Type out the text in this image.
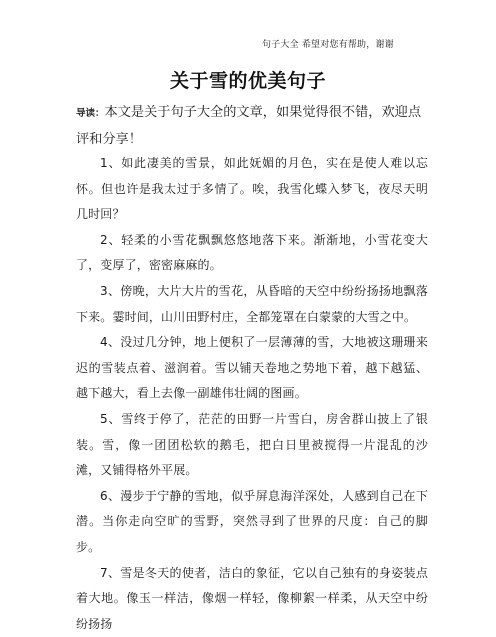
句子大全 希望对您有帮助，谢谢
关于雪的优美句子
导读：本文是关于句子大全的文章，如果觉得很不错，欢迎点评和分享！

1、如此凄美的雪景，如此妩媚的月色，实在是使人难以忘怀。但也许是我太过于多情了。唉，我雪化蝶入梦飞，夜尽天明几时回？

2、轻柔的小雪花飘飘悠悠地落下来。渐渐地，小雪花变大了，变厚了，密密麻麻的。

3、傍晚，大片大片的雪花，从昏暗的天空中纷纷扬扬地飘落下来。霎时间，山川田野村庄，全都笼罩在白蒙蒙的大雪之中。

4、没过几分钟，地上便积了一层薄薄的雪，大地被这珊珊来迟的雪装点着、滋润着。雪以铺天卷地之势地下着，越下越猛、越下越大，看上去像一副雄伟壮阔的图画。

5、雪终于停了，茫茫的田野一片雪白，房舍群山披上了银装。雪，像一团团松软的鹅毛，把白日里被搅得一片混乱的沙滩，又铺得格外平展。

6、漫步于宁静的雪地，似乎屏息海洋深处，人感到自己在下潜。当你走向空旷的雪野，突然寻到了世界的尺度：自己的脚步。

7、雪是冬天的使者，洁白的象征，它以自己独有的身姿装点着大地。像玉一样洁，像烟一样轻，像柳絮一样柔，从天空中纷纷扬扬
